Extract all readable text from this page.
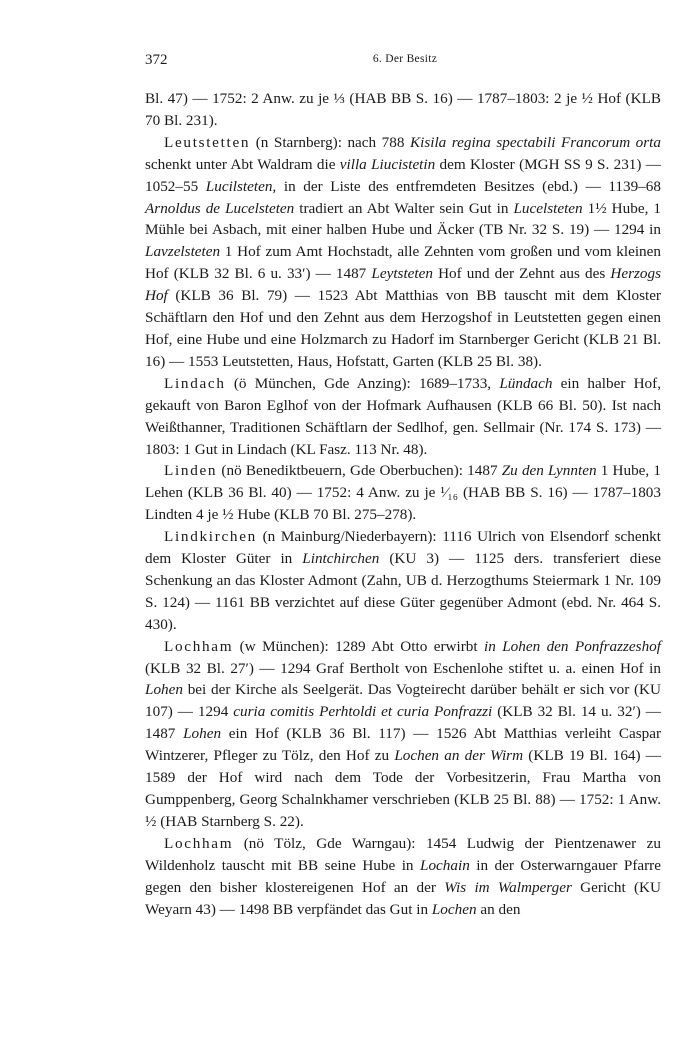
372	6. Der Besitz

Bl. 47) — 1752: 2 Anw. zu je ⅓ (HAB BB S. 16) — 1787–1803: 2 je ½ Hof (KLB 70 Bl. 231).

Leutstetten (n Starnberg): nach 788 Kisila regina spectabili Francorum orta schenkt unter Abt Waldram die villa Liucistetin dem Kloster (MGH SS 9 S. 231) — 1052–55 Lucilsteten, in der Liste des entfremdeten Besitzes (ebd.) — 1139–68 Arnoldus de Lucelsteten tradiert an Abt Walter sein Gut in Lucelsteten 1½ Hube, 1 Mühle bei Asbach, mit einer halben Hube und Äcker (TB Nr. 32 S. 19) — 1294 in Lavzelsteten 1 Hof zum Amt Hochstadt, alle Zehnten vom großen und vom kleinen Hof (KLB 32 Bl. 6 u. 33′) — 1487 Leytsteten Hof und der Zehnt aus des Herzogs Hof (KLB 36 Bl. 79) — 1523 Abt Matthias von BB tauscht mit dem Kloster Schäftlarn den Hof und den Zehnt aus dem Herzogshof in Leutstetten gegen einen Hof, eine Hube und eine Holzmarch zu Hadorf im Starnberger Gericht (KLB 21 Bl. 16) — 1553 Leutstetten, Haus, Hofstatt, Garten (KLB 25 Bl. 38).

Lindach (ö München, Gde Anzing): 1689–1733, Lündach ein halber Hof, gekauft von Baron Eglhof von der Hofmark Aufhausen (KLB 66 Bl. 50). Ist nach Weißthanner, Traditionen Schäftlarn der Sedlhof, gen. Sellmair (Nr. 174 S. 173) — 1803: 1 Gut in Lindach (KL Fasz. 113 Nr. 48).

Linden (nö Benediktbeuern, Gde Oberbuchen): 1487 Zu den Lynnten 1 Hube, 1 Lehen (KLB 36 Bl. 40) — 1752: 4 Anw. zu je ¹⁄₁₆ (HAB BB S. 16) — 1787–1803 Lindten 4 je ½ Hube (KLB 70 Bl. 275–278).

Lindkirchen (n Mainburg/Niederbayern): 1116 Ulrich von Elsendorf schenkt dem Kloster Güter in Lintchirchen (KU 3) — 1125 ders. transferiert diese Schenkung an das Kloster Admont (Zahn, UB d. Herzogthums Steiermark 1 Nr. 109 S. 124) — 1161 BB verzichtet auf diese Güter gegenüber Admont (ebd. Nr. 464 S. 430).

Lochham (w München): 1289 Abt Otto erwirbt in Lohen den Ponfrazzeshof (KLB 32 Bl. 27′) — 1294 Graf Bertholt von Eschenlohe stiftet u. a. einen Hof in Lohen bei der Kirche als Seelgerät. Das Vogteirecht darüber behält er sich vor (KU 107) — 1294 curia comitis Perhtoldi et curia Ponfrazzi (KLB 32 Bl. 14 u. 32′) — 1487 Lohen ein Hof (KLB 36 Bl. 117) — 1526 Abt Matthias verleiht Caspar Wintzerer, Pfleger zu Tölz, den Hof zu Lochen an der Wirm (KLB 19 Bl. 164) — 1589 der Hof wird nach dem Tode der Vorbesitzerin, Frau Martha von Gumppenberg, Georg Schalnkhamer verschrieben (KLB 25 Bl. 88) — 1752: 1 Anw. ½ (HAB Starnberg S. 22).

Lochham (nö Tölz, Gde Warngau): 1454 Ludwig der Pientzenawer zu Wildenholz tauscht mit BB seine Hube in Lochain in der Osterwarngauer Pfarre gegen den bisher klostereigenen Hof an der Wis im Walmperger Gericht (KU Weyarn 43) — 1498 BB verpfändet das Gut in Lochen an den
